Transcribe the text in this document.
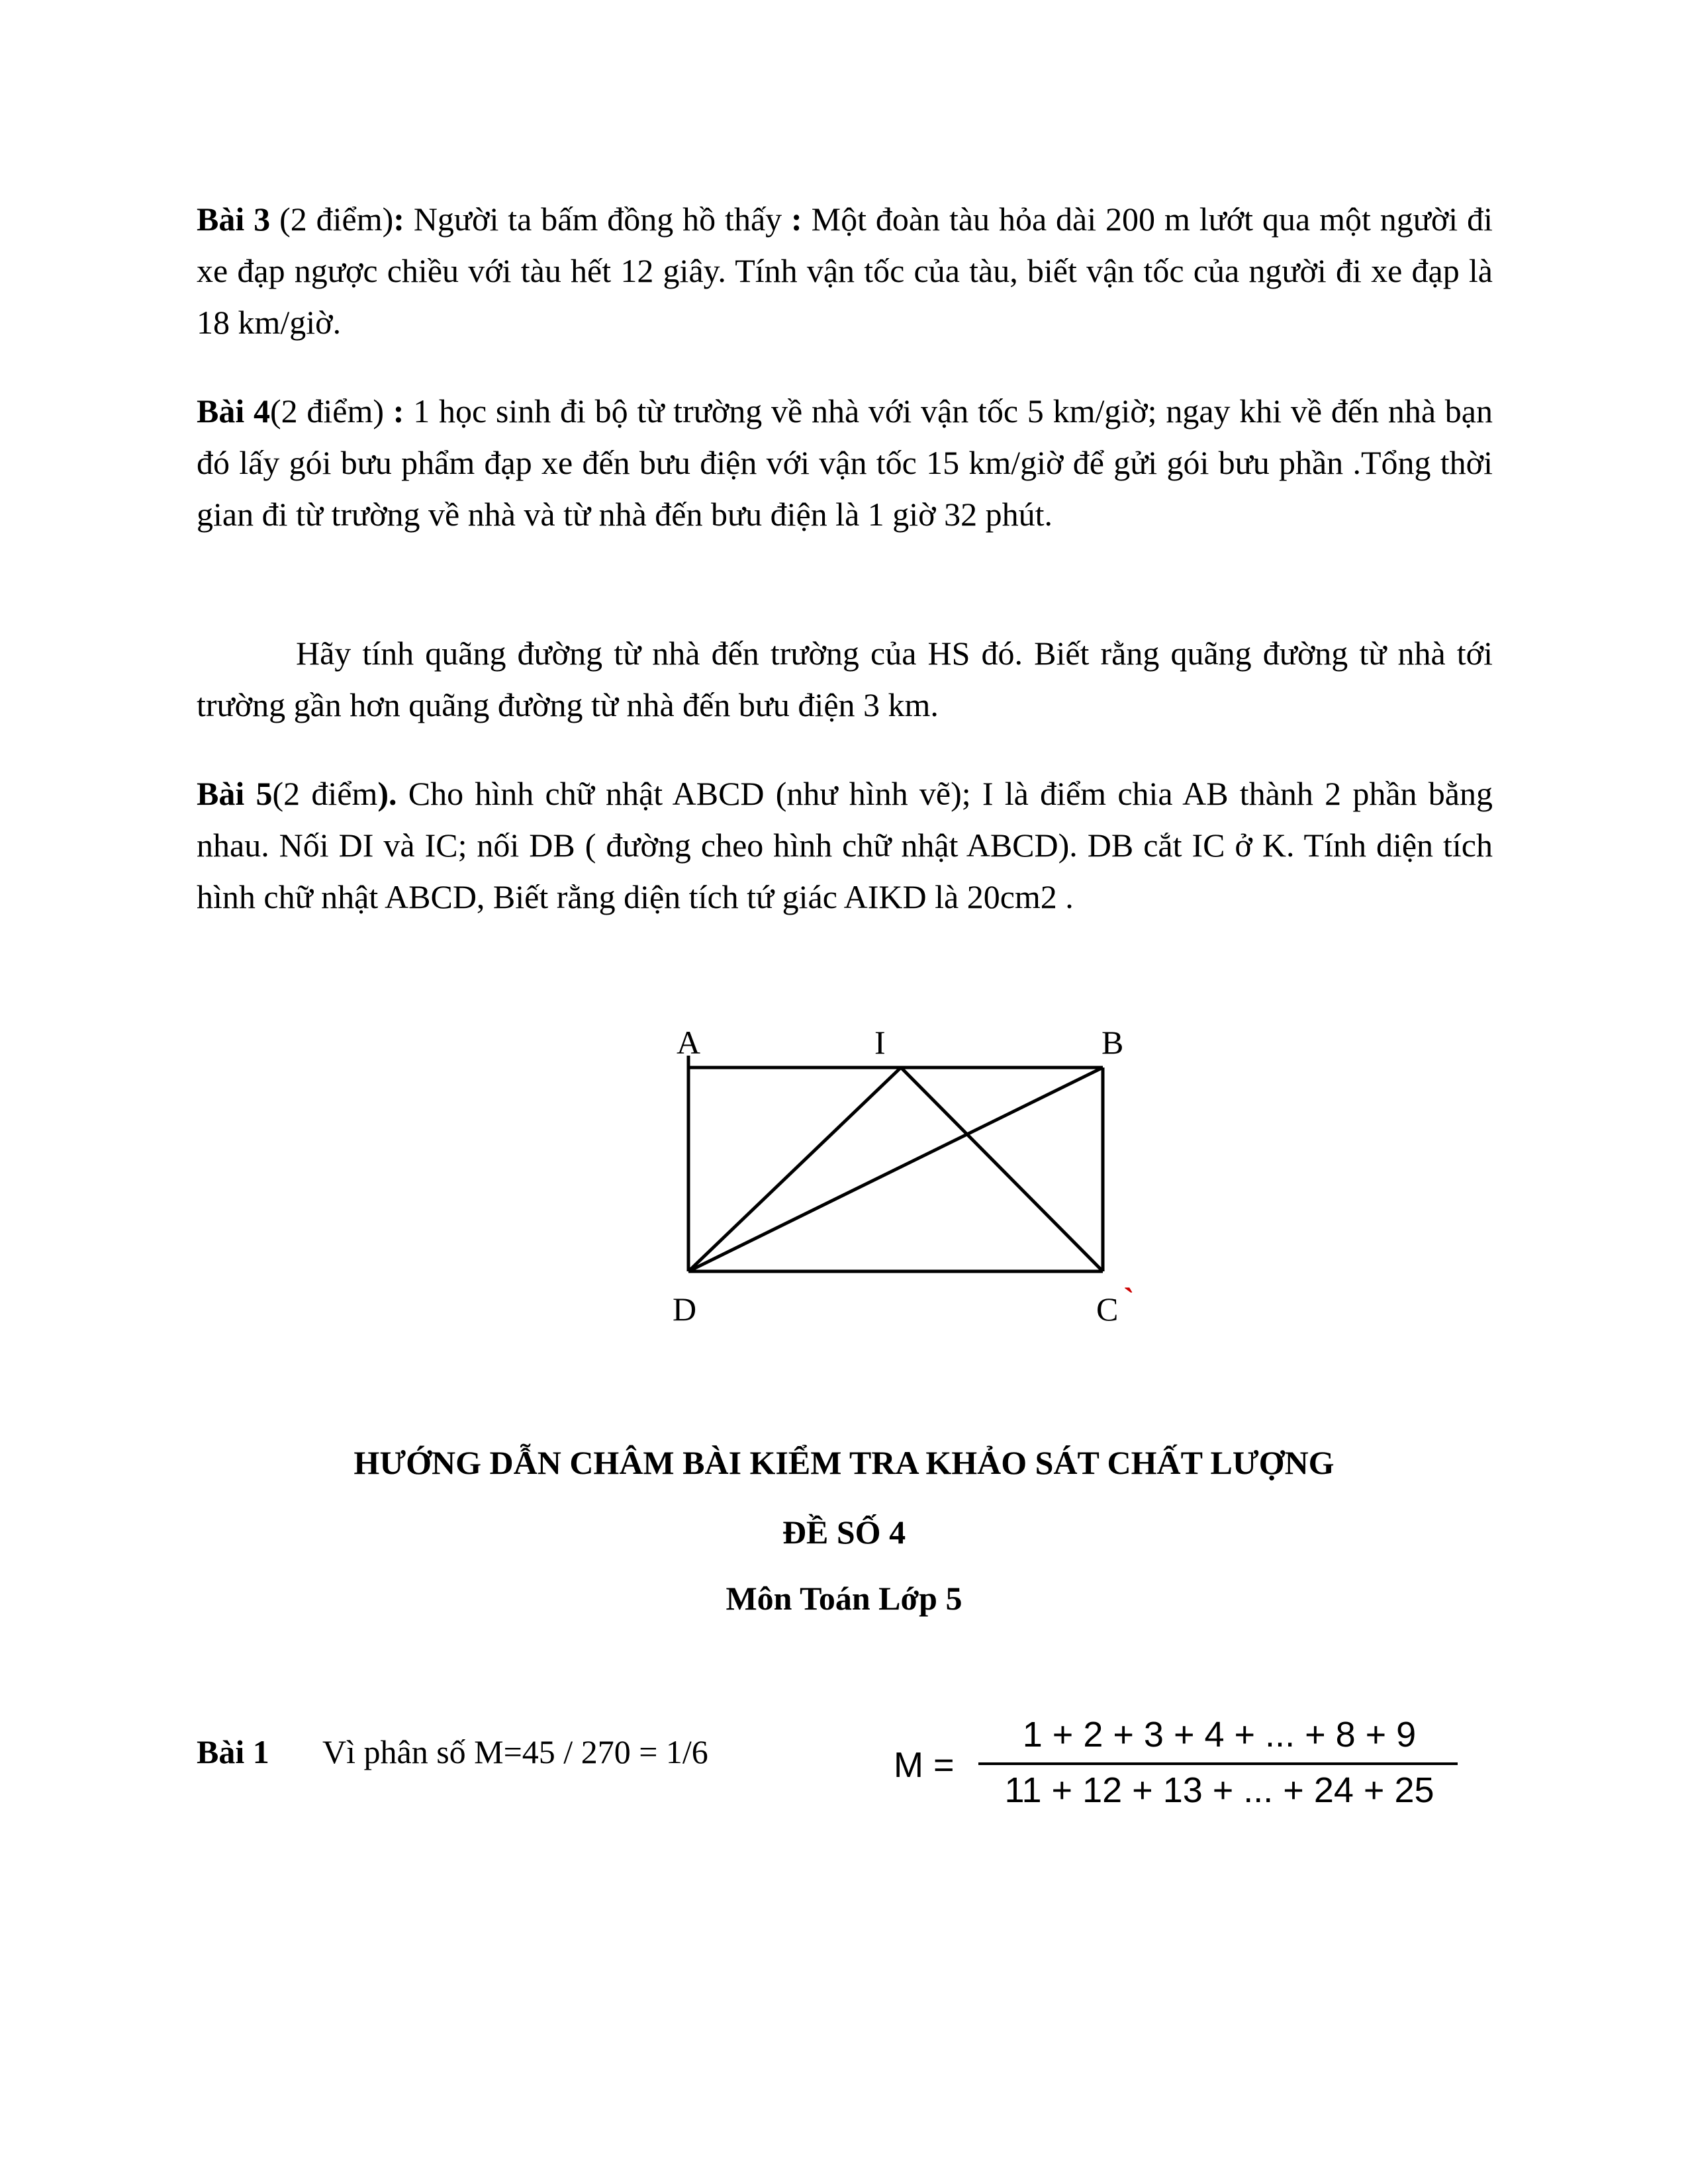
Bài 3 (2 điểm): Người ta bấm đồng hồ thấy : Một đoàn tàu hỏa dài 200 m lướt qua một người đi xe đạp ngược chiều với tàu hết 12 giây. Tính vận tốc của tàu, biết vận tốc của người đi xe đạp là 18 km/giờ.

Bài 4(2 điểm) : 1 học sinh đi bộ từ trường về nhà với vận tốc 5 km/giờ; ngay khi về đến nhà bạn đó lấy gói bưu phẩm đạp xe đến bưu điện với vận tốc 15 km/giờ để gửi gói bưu phần .Tổng thời gian đi từ trường về nhà và từ nhà đến bưu điện là 1 giờ 32 phút.

Hãy tính quãng đường từ nhà đến trường của HS đó. Biết rằng quãng đường từ nhà tới trường gần hơn quãng đường từ nhà đến bưu điện 3 km.

Bài 5(2 điểm). Cho hình chữ nhật ABCD (như hình vẽ); I là điểm chia AB thành 2 phần bằng nhau. Nối DI và IC; nối DB ( đường cheo hình chữ nhật ABCD). DB cắt IC ở K. Tính diện tích hình chữ nhật ABCD, Biết rằng diện tích tứ giác AIKD là 20cm2 .

A	I	B
D	C `

HƯỚNG DẪN CHÂM BÀI KIỂM TRA KHẢO SÁT CHẤT LƯỢNG

ĐỀ SỐ 4

Môn Toán Lớp 5

Bài 1 Vì phân số M=45 / 270 = 1/6	M =
1 + 2 + 3 + 4 + ... + 8 + 9
11 + 12 + 13 + ... + 24 + 25
